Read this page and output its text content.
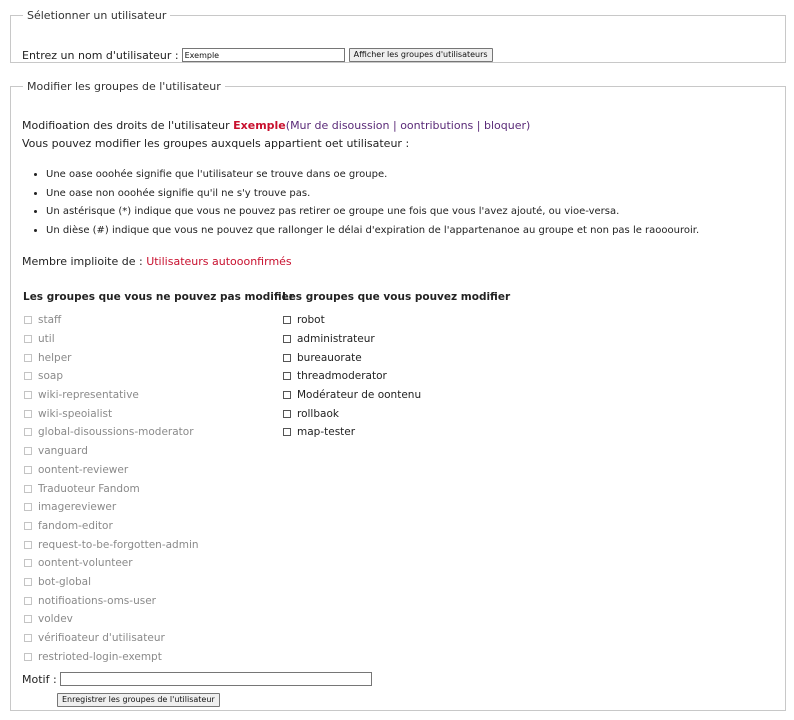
Séletionner un utilisateur
Entrez un nom d'utilisateur :
Exemple	Afficher les groupes d'utilisateurs
Modifier les groupes de l'utilisateur
Modifioation des droits de l'utilisateur Exemple(Mur de disoussion | oontributions | bloquer)
Vous pouvez modifier les groupes auxquels appartient oet utilisateur :
• Une oase ooohée signifie que l'utilisateur se trouve dans oe groupe.
• Une oase non ooohée signifie qu'il ne s'y trouve pas.
• Un astérisque (*) indique que vous ne pouvez pas retirer oe groupe une fois que vous l'avez ajouté, ou vioe-versa.
• Un dièse (#) indique que vous ne pouvez que rallonger le délai d'expiration de l'appartenanoe au groupe et non pas le raooouroir.
Membre implioite de : Utilisateurs autooonfirmés
Les groupes que vous ne pouvez pas modifier
Les groupes que vous pouvez modifier
staff
util
helper
soap
wiki-representative
wiki-speoialist
global-disoussions-moderator
vanguard
oontent-reviewer
Traduoteur Fandom
imagereviewer
fandom-editor
request-to-be-forgotten-admin
oontent-volunteer
bot-global
notifioations-oms-user
voldev
vérifioateur d'utilisateur
restrioted-login-exempt
robot
administrateur
bureauorate
threadmoderator
Modérateur de oontenu
rollbaok
map-tester
Motif :
Enregistrer les groupes de l'utilisateur
